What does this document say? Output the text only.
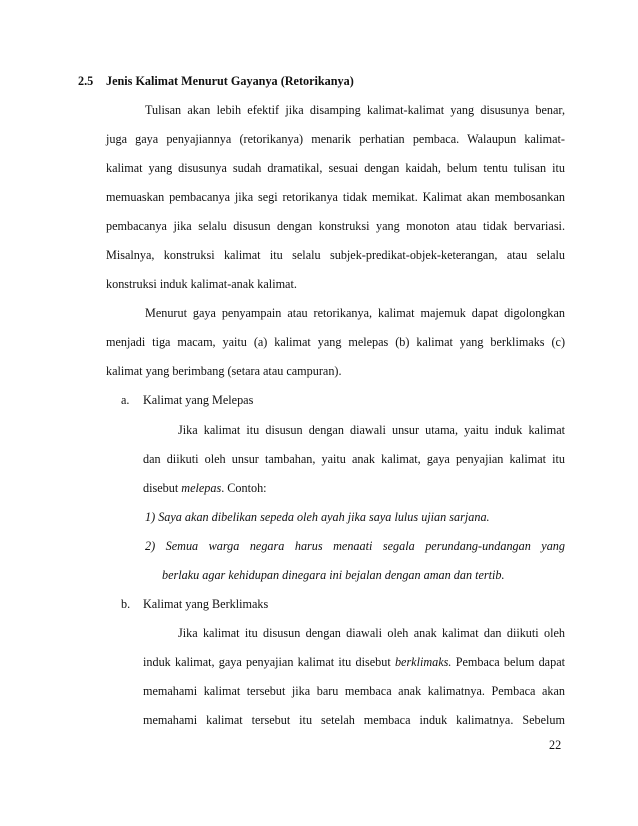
2.5 Jenis Kalimat Menurut Gayanya (Retorikanya)
Tulisan akan lebih efektif jika disamping kalimat-kalimat yang disusunya benar,
juga gaya penyajiannya (retorikanya) menarik perhatian pembaca. Walaupun kalimat-
kalimat yang disusunya sudah dramatikal, sesuai dengan kaidah, belum tentu tulisan itu
memuaskan pembacanya jika segi retorikanya tidak memikat. Kalimat akan membosankan
pembacanya jika selalu disusun dengan konstruksi yang monoton atau tidak bervariasi.
Misalnya, konstruksi kalimat itu selalu subjek-predikat-objek-keterangan, atau selalu
konstruksi induk kalimat-anak kalimat.
Menurut gaya penyampain atau retorikanya, kalimat majemuk dapat digolongkan
menjadi tiga macam, yaitu (a) kalimat yang melepas (b) kalimat yang berklimaks (c)
kalimat yang berimbang (setara atau campuran).
a. Kalimat yang Melepas
Jika kalimat itu disusun dengan diawali unsur utama, yaitu induk kalimat
dan diikuti oleh unsur tambahan, yaitu anak kalimat, gaya penyajian kalimat itu
disebut melepas. Contoh:
1) Saya akan dibelikan sepeda oleh ayah jika saya lulus ujian sarjana.
2) Semua warga negara harus menaati segala perundang-undangan yang
berlaku agar kehidupan dinegara ini bejalan dengan aman dan tertib.
b. Kalimat yang Berklimaks
Jika kalimat itu disusun dengan diawali oleh anak kalimat dan diikuti oleh
induk kalimat, gaya penyajian kalimat itu disebut berklimaks. Pembaca belum dapat
memahami kalimat tersebut jika baru membaca anak kalimatnya. Pembaca akan
memahami kalimat tersebut itu setelah membaca induk kalimatnya. Sebelum
22
